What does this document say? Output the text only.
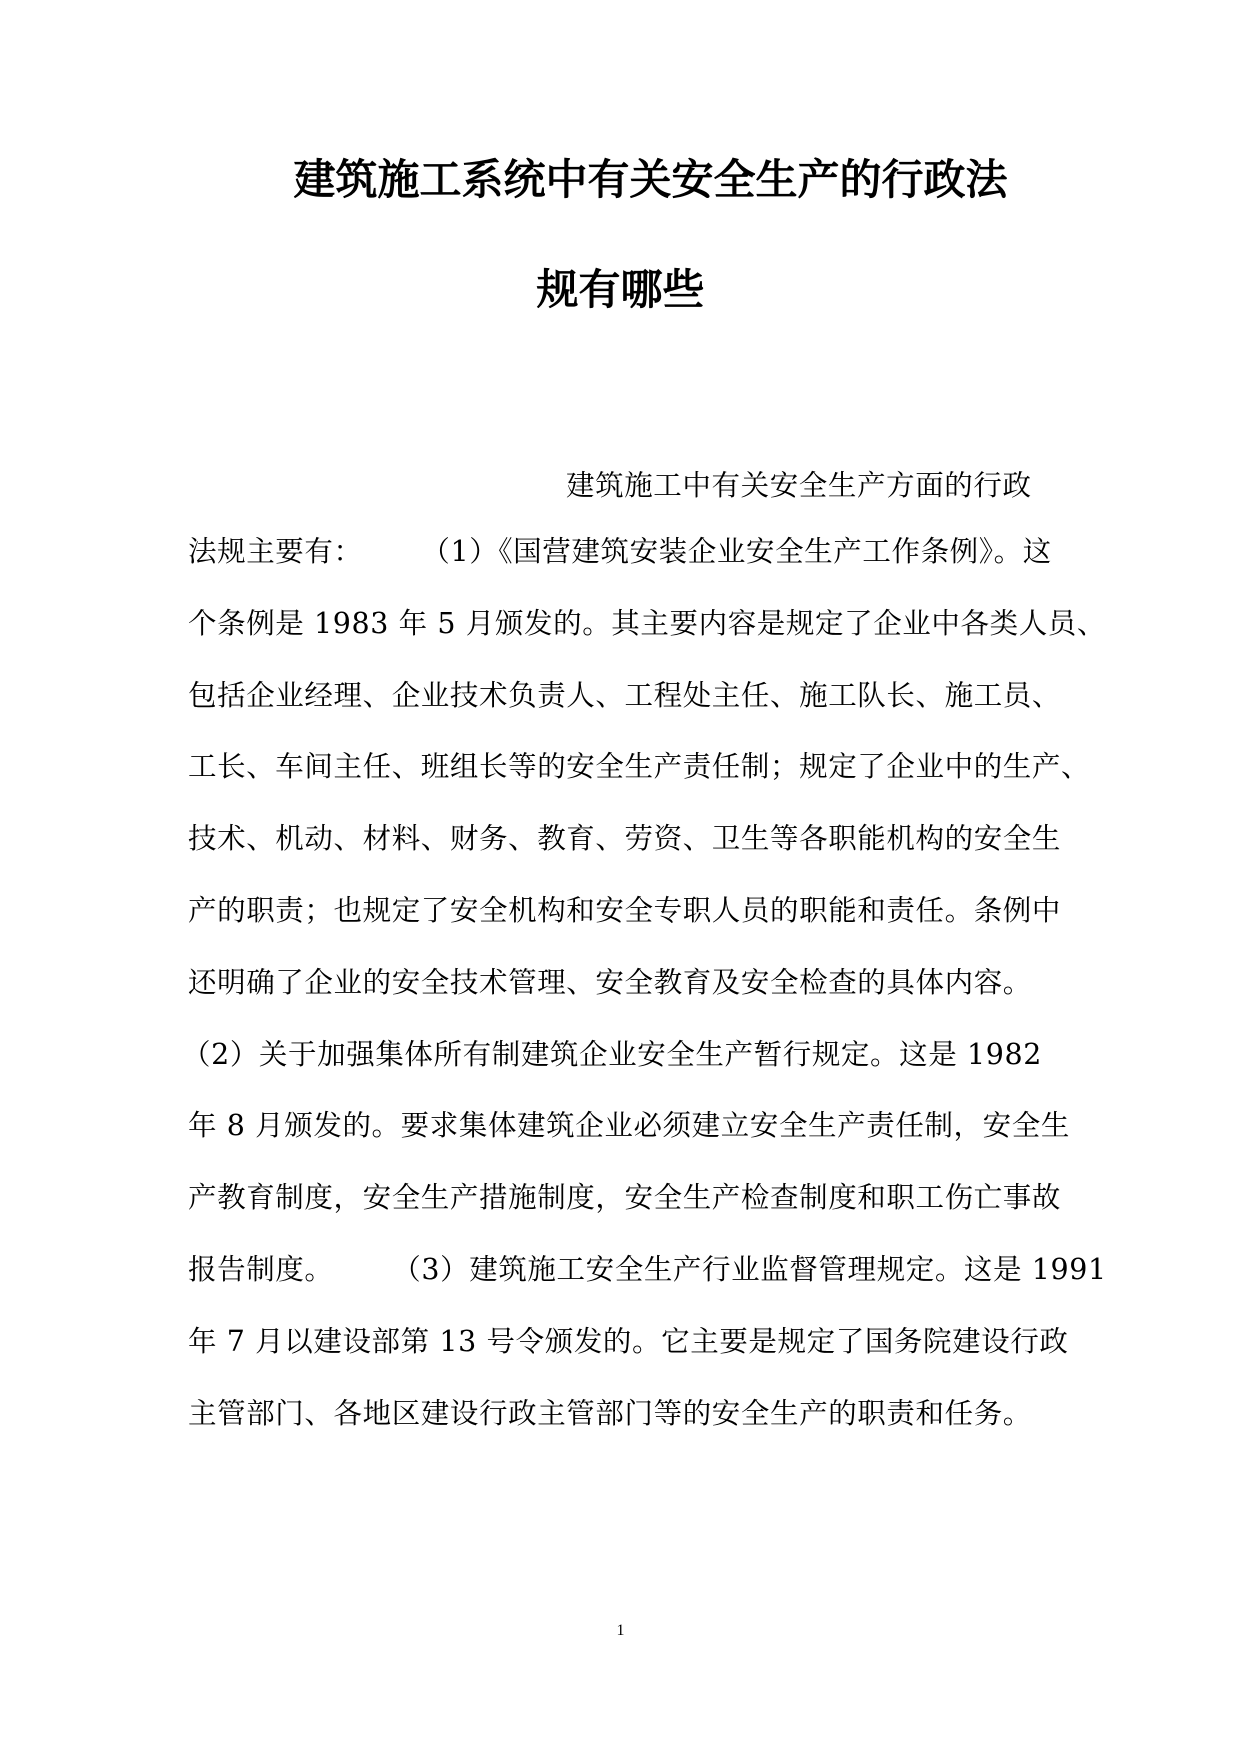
建筑施工系统中有关安全生产的行政法
规有哪些
建筑施工中有关安全生产方面的行政
法规主要有：　　　（1）《国营建筑安装企业安全生产工作条例》。这
个条例是 1983 年 5 月颁发的。其主要内容是规定了企业中各类人员、
包括企业经理、企业技术负责人、工程处主任、施工队长、施工员、
工长、车间主任、班组长等的安全生产责任制；规定了企业中的生产、
技术、机动、材料、财务、教育、劳资、卫生等各职能机构的安全生
产的职责；也规定了安全机构和安全专职人员的职能和责任。条例中
还明确了企业的安全技术管理、安全教育及安全检查的具体内容。
（2）关于加强集体所有制建筑企业安全生产暂行规定。这是 1982
年 8 月颁发的。要求集体建筑企业必须建立安全生产责任制，安全生
产教育制度，安全生产措施制度，安全生产检查制度和职工伤亡事故
报告制度。　　　（3）建筑施工安全生产行业监督管理规定。这是 1991
年 7 月以建设部第 13 号令颁发的。它主要是规定了国务院建设行政
主管部门、各地区建设行政主管部门等的安全生产的职责和任务。
1
